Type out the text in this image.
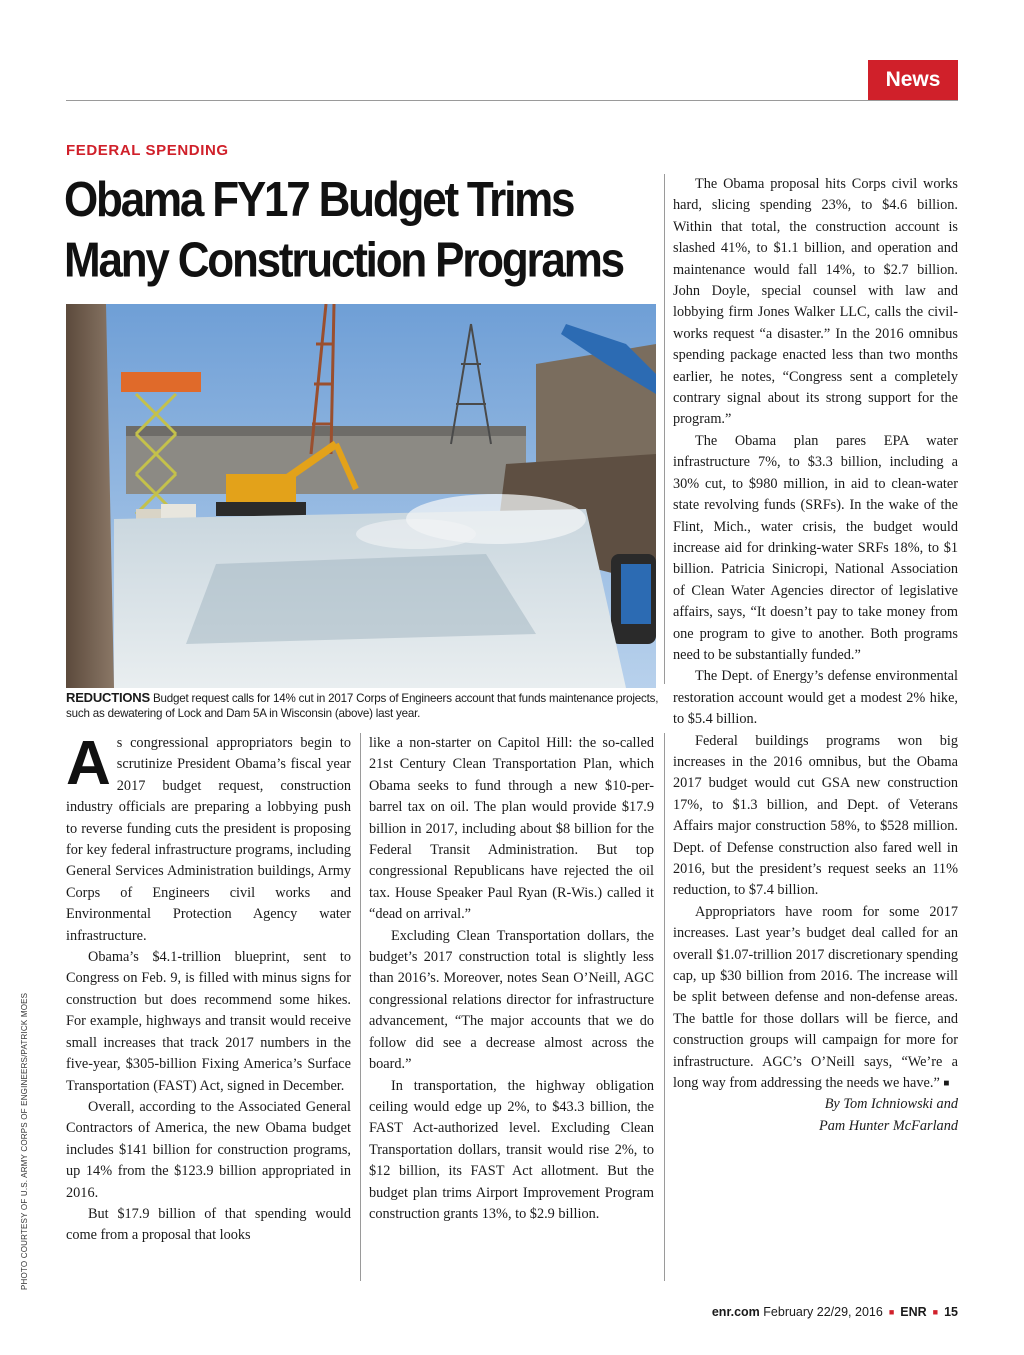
News
FEDERAL SPENDING
Obama FY17 Budget Trims Many Construction Programs
PHOTO COURTESY OF U.S. ARMY CORPS OF ENGINEERS/PATRICK MOES
REDUCTIONS Budget request calls for 14% cut in 2017 Corps of Engineers account that funds maintenance projects, such as dewatering of Lock and Dam 5A in Wisconsin (above) last year.

As congressional appropriators begin to scrutinize President Obama’s fiscal year 2017 budget request, construction industry officials are preparing a lobbying push to reverse funding cuts the president is proposing for key federal infrastructure programs, including General Services Administration buildings, Army Corps of Engineers civil works and Environmental Protection Agency water infrastructure.

Obama’s $4.1-trillion blueprint, sent to Congress on Feb. 9, is filled with minus signs for construction but does recommend some hikes. For example, highways and transit would receive small increases that track 2017 numbers in the five-year, $305-billion Fixing America’s Surface Transportation (FAST) Act, signed in December.

Overall, according to the Associated General Contractors of America, the new Obama budget includes $141 billion for construction programs, up 14% from the $123.9 billion appropriated in 2016.

But $17.9 billion of that spending would come from a proposal that looks

like a non-starter on Capitol Hill: the so-called 21st Century Clean Transportation Plan, which Obama seeks to fund through a new $10-per-barrel tax on oil. The plan would provide $17.9 billion in 2017, including about $8 billion for the Federal Transit Administration. But top congressional Republicans have rejected the oil tax. House Speaker Paul Ryan (R-Wis.) called it “dead on arrival.”

Excluding Clean Transportation dollars, the budget’s 2017 construction total is slightly less than 2016’s. Moreover, notes Sean O’Neill, AGC congressional relations director for infrastructure advancement, “The major accounts that we do follow did see a decrease almost across the board.”

In transportation, the highway obligation ceiling would edge up 2%, to $43.3 billion, the FAST Act-authorized level. Excluding Clean Transportation dollars, transit would rise 2%, to $12 billion, its FAST Act allotment. But the budget plan trims Airport Improvement Program construction grants 13%, to $2.9 billion.

The Obama proposal hits Corps civil works hard, slicing spending 23%, to $4.6 billion. Within that total, the construction account is slashed 41%, to $1.1 billion, and operation and maintenance would fall 14%, to $2.7 billion. John Doyle, special counsel with law and lobbying firm Jones Walker LLC, calls the civil-works request “a disaster.” In the 2016 omnibus spending package enacted less than two months earlier, he notes, “Congress sent a completely contrary signal about its strong support for the program.”

The Obama plan pares EPA water infrastructure 7%, to $3.3 billion, including a 30% cut, to $980 million, in aid to clean-water state revolving funds (SRFs). In the wake of the Flint, Mich., water crisis, the budget would increase aid for drinking-water SRFs 18%, to $1 billion. Patricia Sinicropi, National Association of Clean Water Agencies director of legislative affairs, says, “It doesn’t pay to take money from one program to give to another. Both programs need to be substantially funded.”

The Dept. of Energy’s defense environmental restoration account would get a modest 2% hike, to $5.4 billion.

Federal buildings programs won big increases in the 2016 omnibus, but the Obama 2017 budget would cut GSA new construction 17%, to $1.3 billion, and Dept. of Veterans Affairs major construction 58%, to $528 million. Dept. of Defense construction also fared well in 2016, but the president’s request seeks an 11% reduction, to $7.4 billion.

Appropriators have room for some 2017 increases. Last year’s budget deal called for an overall $1.07-trillion 2017 discretionary spending cap, up $30 billion from 2016. The increase will be split between defense and non-defense areas. The battle for those dollars will be fierce, and construction groups will campaign for more for infrastructure. AGC’s O’Neill says, “We’re a long way from addressing the needs we have.” ■

By Tom Ichniowski and

Pam Hunter McFarland

enr.com February 22/29, 2016 ■ ENR ■ 15
